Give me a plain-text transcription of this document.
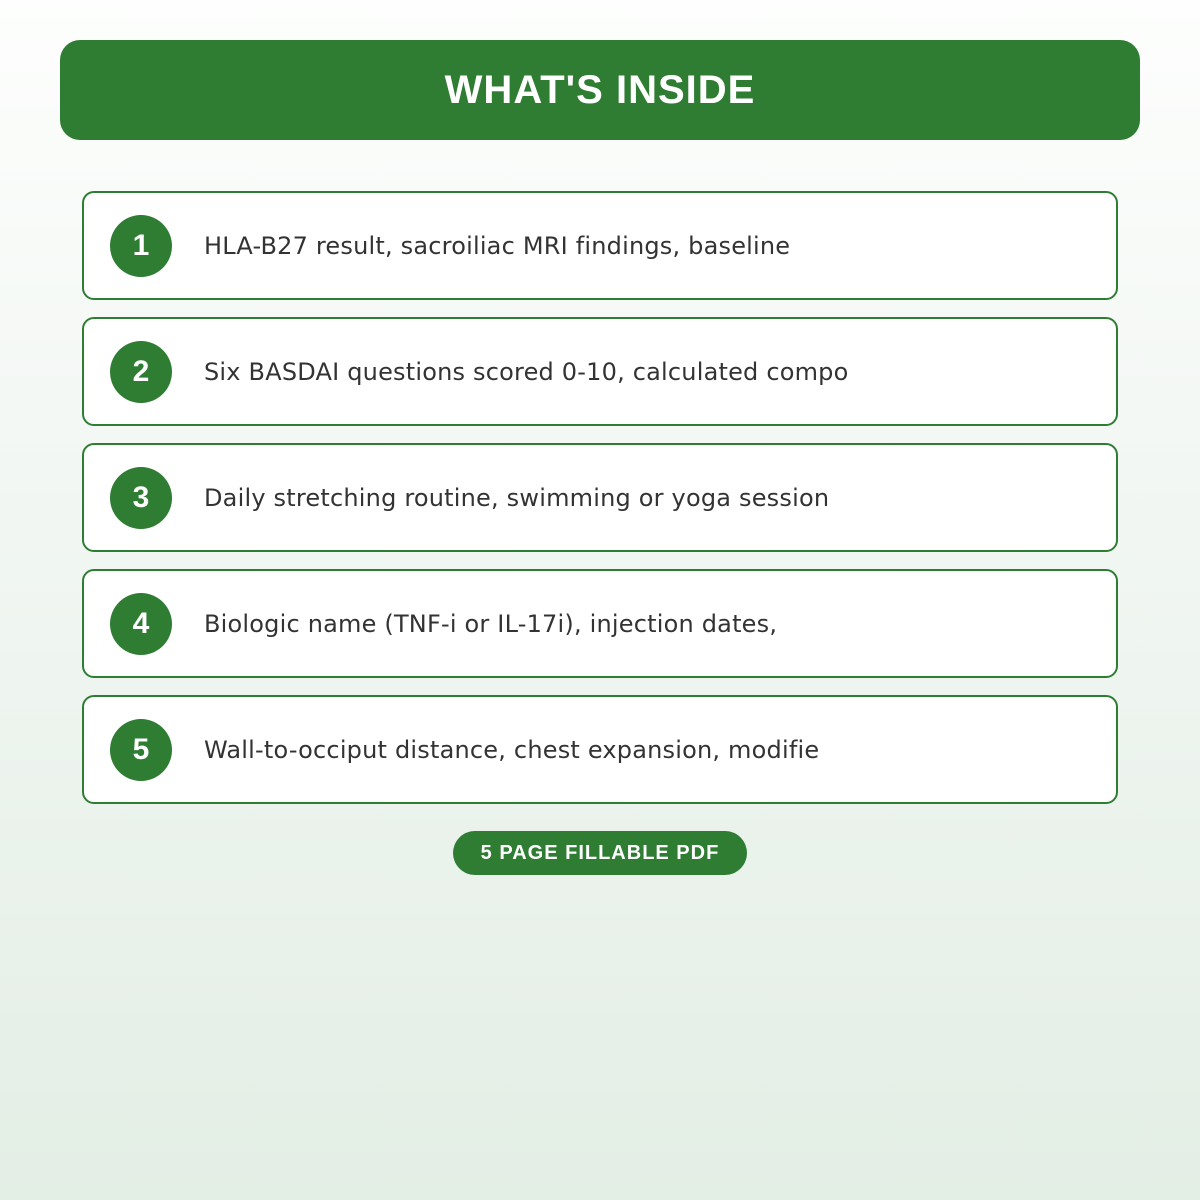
WHAT'S INSIDE
1	HLA-B27 result, sacroiliac MRI findings, baseline
2	Six BASDAI questions scored 0-10, calculated compo
3	Daily stretching routine, swimming or yoga session
4	Biologic name (TNF-i or IL-17i), injection dates,
5	Wall-to-occiput distance, chest expansion, modifie
5 PAGE FILLABLE PDF
